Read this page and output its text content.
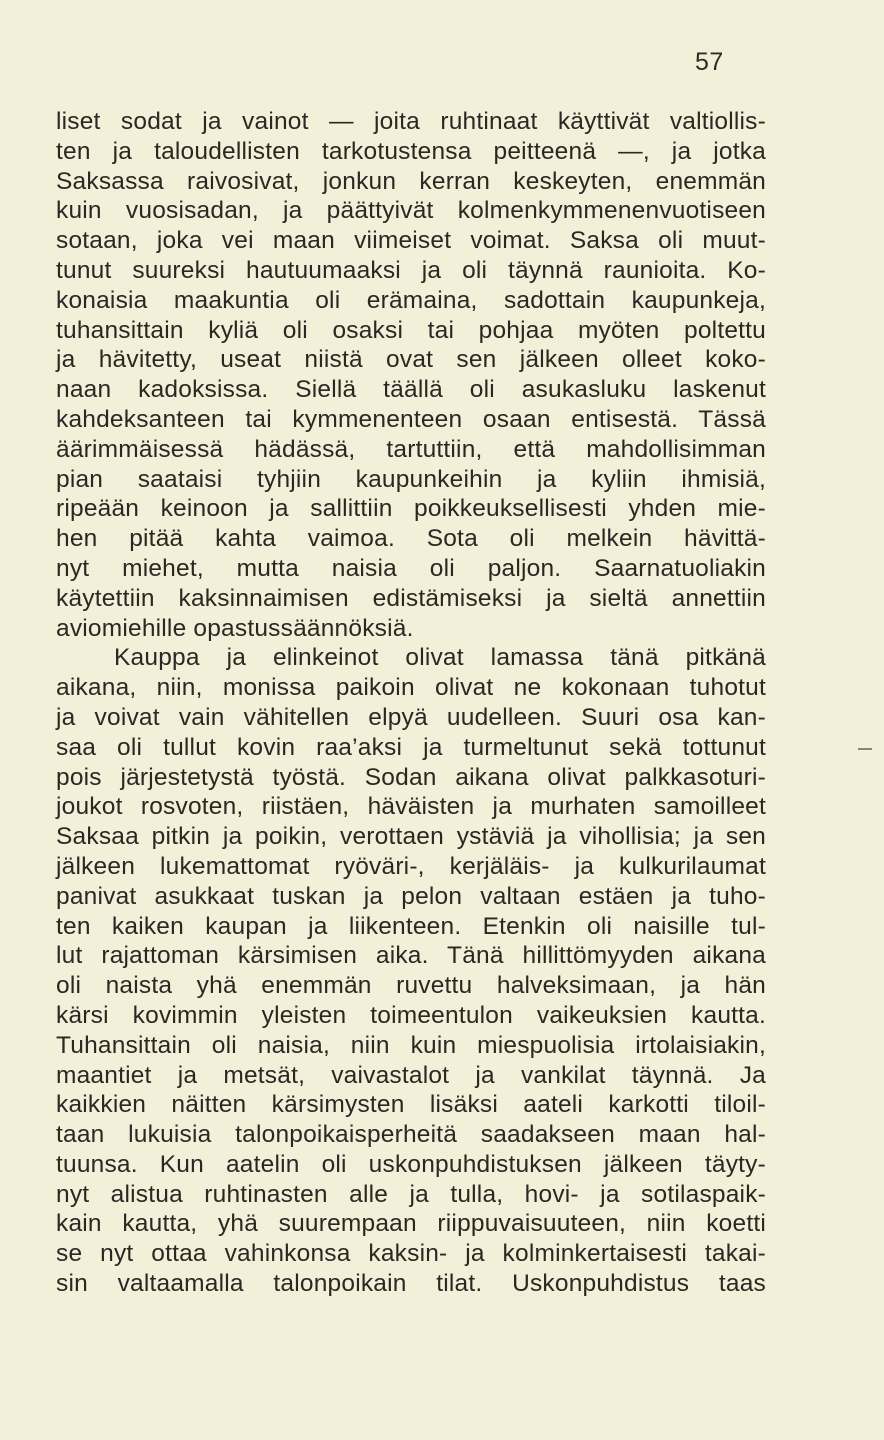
57
liset sodat ja vainot — joita ruhtinaat käyttivät valtiollis-
ten ja taloudellisten tarkotustensa peitteenä —, ja jotka
Saksassa raivosivat, jonkun kerran keskeyten, enemmän
kuin vuosisadan, ja päättyivät kolmenkymmenenvuotiseen
sotaan, joka vei maan viimeiset voimat. Saksa oli muut-
tunut suureksi hautuumaaksi ja oli täynnä raunioita. Ko-
konaisia maakuntia oli erämaina, sadottain kaupunkeja,
tuhansittain kyliä oli osaksi tai pohjaa myöten poltettu
ja hävitetty, useat niistä ovat sen jälkeen olleet koko-
naan kadoksissa. Siellä täällä oli asukasluku laskenut
kahdeksanteen tai kymmenenteen osaan entisestä. Tässä
äärimmäisessä hädässä, tartuttiin, että mahdollisimman
pian saataisi tyhjiin kaupunkeihin ja kyliin ihmisiä,
ripeään keinoon ja sallittiin poikkeuksellisesti yhden mie-
hen pitää kahta vaimoa. Sota oli melkein hävittä-
nyt miehet, mutta naisia oli paljon. Saarnatuoliakin
käytettiin kaksinnaimisen edistämiseksi ja sieltä annettiin
aviomiehille opastussäännöksiä.
Kauppa ja elinkeinot olivat lamassa tänä pitkänä
aikana, niin, monissa paikoin olivat ne kokonaan tuhotut
ja voivat vain vähitellen elpyä uudelleen. Suuri osa kan-
saa oli tullut kovin raa’aksi ja turmeltunut sekä tottunut
pois järjestetystä työstä. Sodan aikana olivat palkkasoturi-
joukot rosvoten, riistäen, häväisten ja murhaten samoilleet
Saksaa pitkin ja poikin, verottaen ystäviä ja vihollisia; ja sen
jälkeen lukemattomat ryöväri-, kerjäläis- ja kulkurilaumat
panivat asukkaat tuskan ja pelon valtaan estäen ja tuho-
ten kaiken kaupan ja liikenteen. Etenkin oli naisille tul-
lut rajattoman kärsimisen aika. Tänä hillittömyyden aikana
oli naista yhä enemmän ruvettu halveksimaan, ja hän
kärsi kovimmin yleisten toimeentulon vaikeuksien kautta.
Tuhansittain oli naisia, niin kuin miespuolisia irtolaisiakin,
maantiet ja metsät, vaivastalot ja vankilat täynnä. Ja
kaikkien näitten kärsimysten lisäksi aateli karkotti tiloil-
taan lukuisia talonpoikaisperheitä saadakseen maan hal-
tuunsa. Kun aatelin oli uskonpuhdistuksen jälkeen täyty-
nyt alistua ruhtinasten alle ja tulla, hovi- ja sotilaspaik-
kain kautta, yhä suurempaan riippuvaisuuteen, niin koetti
se nyt ottaa vahinkonsa kaksin- ja kolminkertaisesti takai-
sin valtaamalla talonpoikain tilat. Uskonpuhdistus taas
